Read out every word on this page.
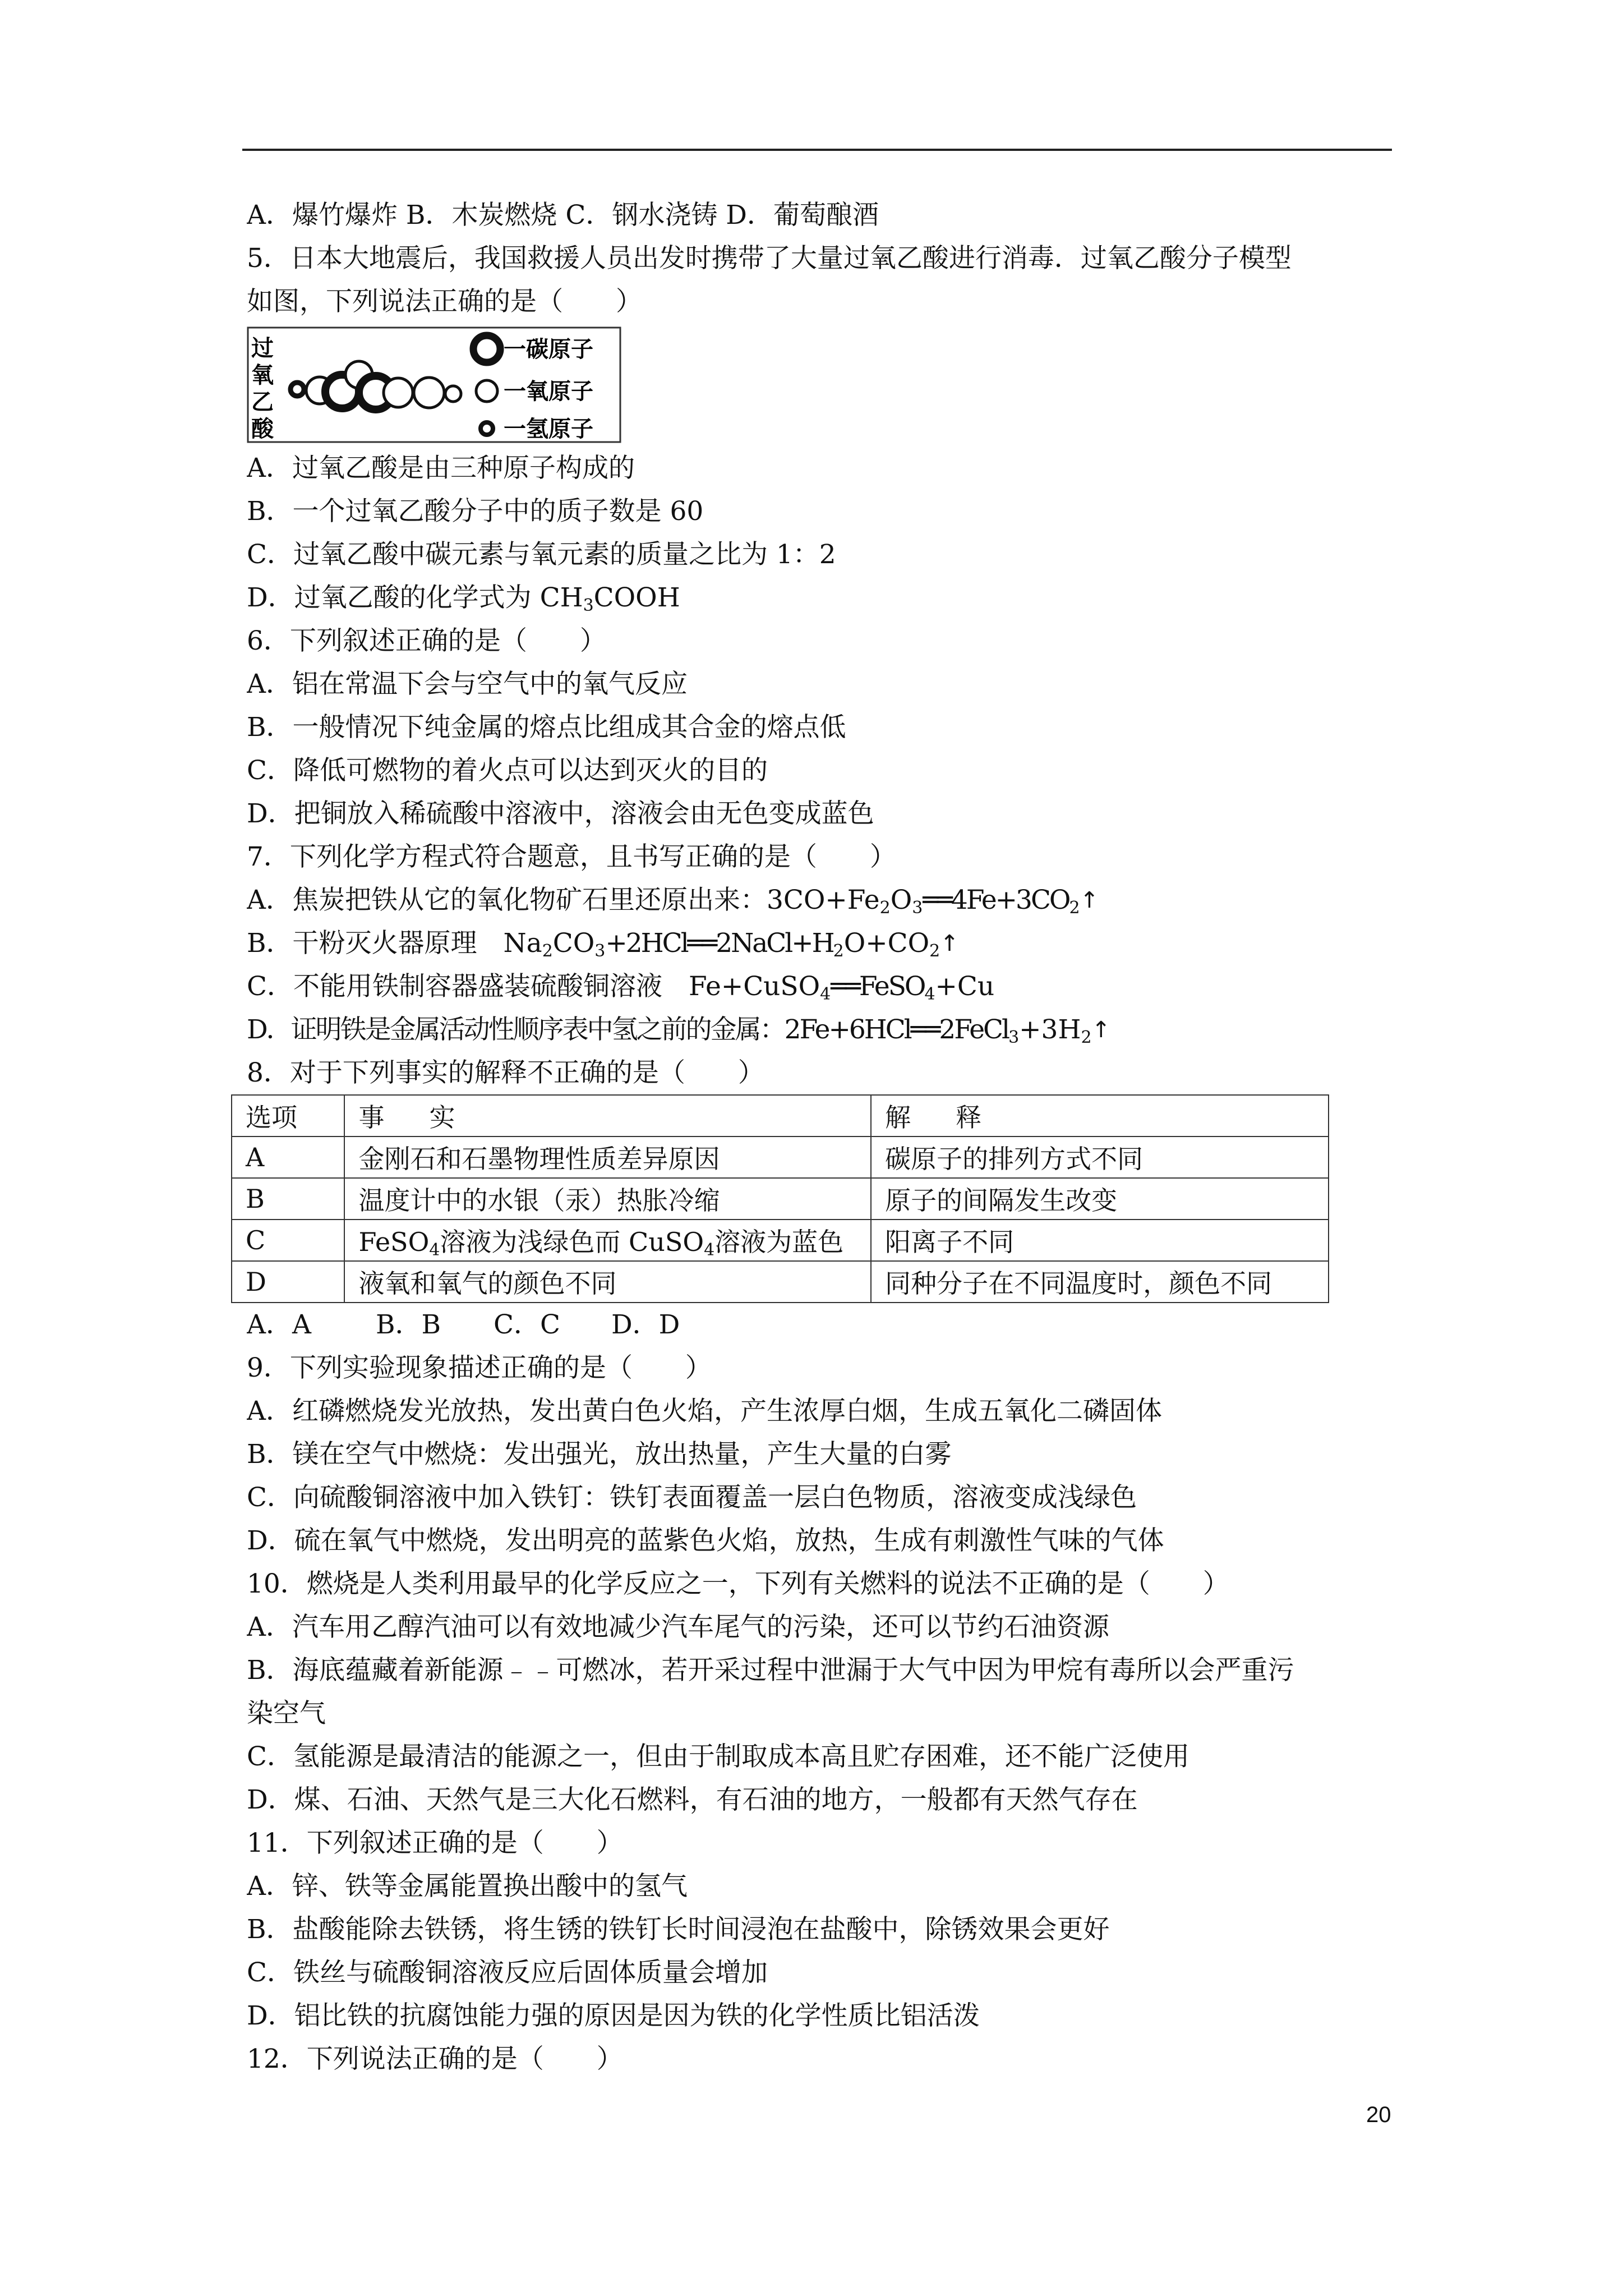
A．爆竹爆炸 B．木炭燃烧 C．钢水浇铸 D．葡萄酿酒
5．日本大地震后，我国救援人员出发时携带了大量过氧乙酸进行消毒．过氧乙酸分子模型
如图，下列说法正确的是（　　）
过
氧
乙
酸
一碳原子
一氧原子
一氢原子
A．过氧乙酸是由三种原子构成的
B．一个过氧乙酸分子中的质子数是 60
C．过氧乙酸中碳元素与氧元素的质量之比为 1：2
D．过氧乙酸的化学式为 $CH_3COOH$
6．下列叙述正确的是（　　）
A．铝在常温下会与空气中的氧气反应
B．一般情况下纯金属的熔点比组成其合金的熔点低
C．降低可燃物的着火点可以达到灭火的目的
D．把铜放入稀硫酸中溶液中，溶液会由无色变成蓝色
7．下列化学方程式符合题意，且书写正确的是（　　）
A．焦炭把铁从它的氧化物矿石里还原出来：$3CO+Fe_2O_3══4Fe+3CO_2↑$
B．干粉灭火器原理　$Na_2CO_3+2HCl══2NaCl+H_2O+CO_2↑$
C．不能用铁制容器盛装硫酸铜溶液　Fe+CuSO$_4$══FeSO$_4$+Cu
D．证明铁是金属活动性顺序表中氢之前的金属：$2Fe+6HCl══2FeCl_3+3H_2↑$
8．对于下列事实的解释不正确的是（　　）
选项	事实	解释
A	金刚石和石墨物理性质差异原因	碳原子的排列方式不同
B	温度计中的水银（汞）热胀冷缩	原子的间隔发生改变
C	FeSO$_4$溶液为浅绿色而 CuSO$_4$溶液为蓝色	阳离子不同
D	液氧和氧气的颜色不同	同种分子在不同温度时，颜色不同
A．A B．B C．C D．D
9．下列实验现象描述正确的是（　　）
A．红磷燃烧发光放热，发出黄白色火焰，产生浓厚白烟，生成五氧化二磷固体
B．镁在空气中燃烧：发出强光，放出热量，产生大量的白雾
C．向硫酸铜溶液中加入铁钉：铁钉表面覆盖一层白色物质，溶液变成浅绿色
D．硫在氧气中燃烧，发出明亮的蓝紫色火焰，放热，生成有刺激性气味的气体
10．燃烧是人类利用最早的化学反应之一，下列有关燃料的说法不正确的是（　　）
A．汽车用乙醇汽油可以有效地减少汽车尾气的污染，还可以节约石油资源
B．海底蕴藏着新能源﹣﹣可燃冰，若开采过程中泄漏于大气中因为甲烷有毒所以会严重污
染空气
C．氢能源是最清洁的能源之一，但由于制取成本高且贮存困难，还不能广泛使用
D．煤、石油、天然气是三大化石燃料，有石油的地方，一般都有天然气存在
11．下列叙述正确的是（　　）
A．锌、铁等金属能置换出酸中的氢气
B．盐酸能除去铁锈，将生锈的铁钉长时间浸泡在盐酸中，除锈效果会更好
C．铁丝与硫酸铜溶液反应后固体质量会增加
D．铝比铁的抗腐蚀能力强的原因是因为铁的化学性质比铝活泼
12．下列说法正确的是（　　）
20
